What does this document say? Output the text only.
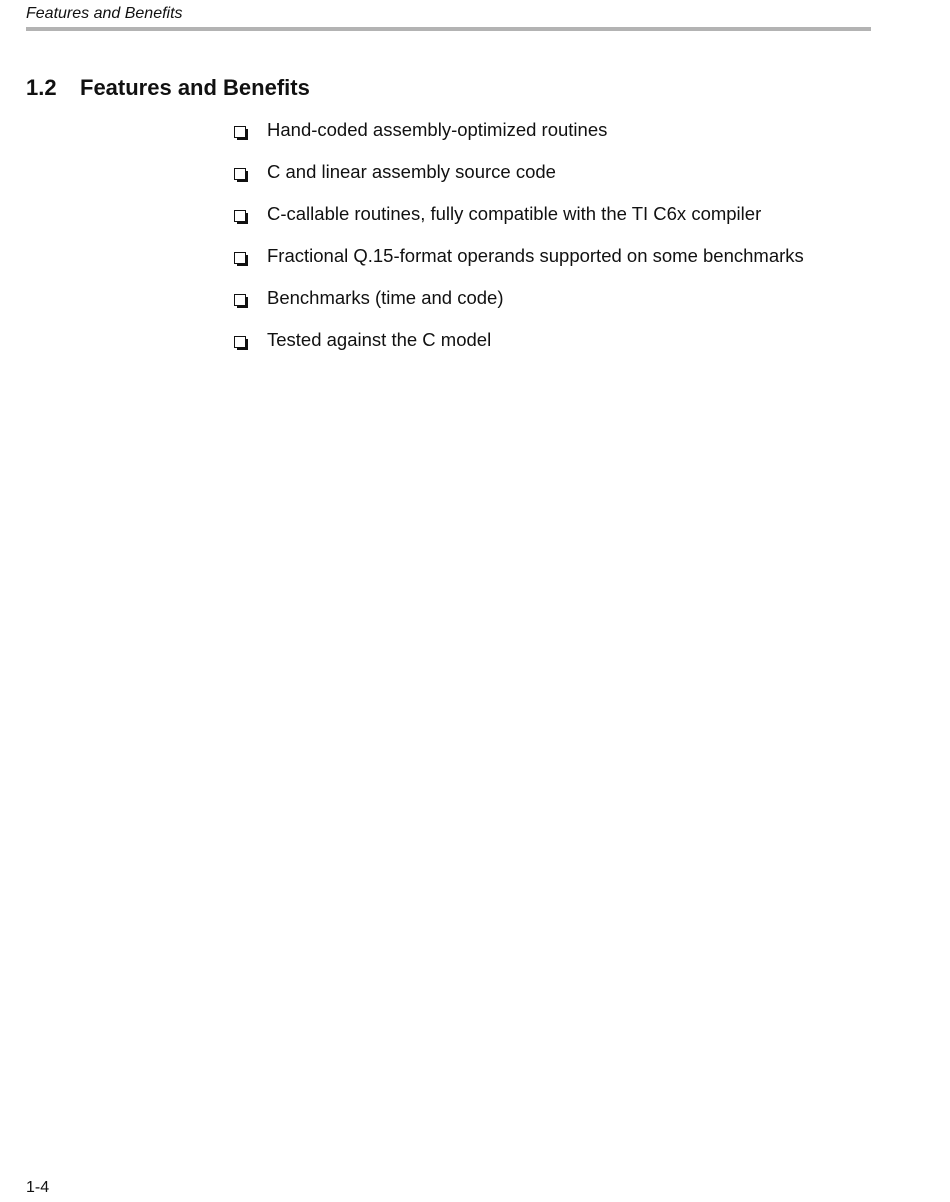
Features and Benefits
1.2 Features and Benefits
Hand-coded assembly-optimized routines
C and linear assembly source code
C-callable routines, fully compatible with the TI C6x compiler
Fractional Q.15-format operands supported on some benchmarks
Benchmarks (time and code)
Tested against the C model
1-4
